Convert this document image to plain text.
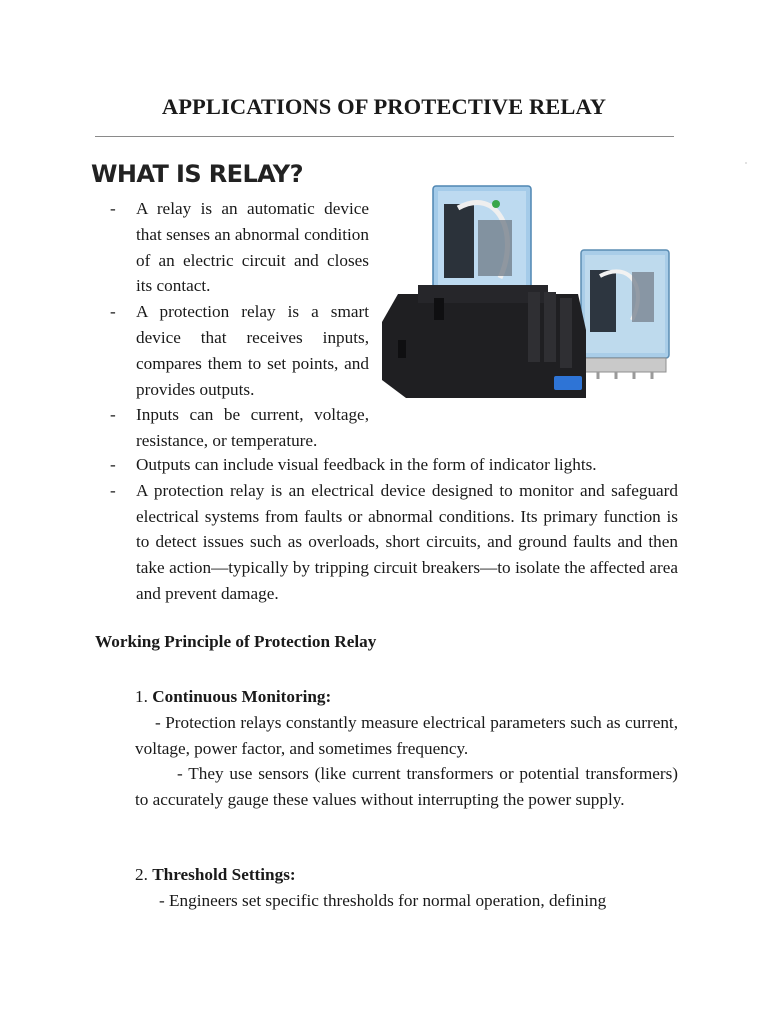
APPLICATIONS OF PROTECTIVE RELAY
WHAT IS RELAY?
-	A relay is an automatic device that senses an abnormal condition of an electric circuit and closes its contact.
-	A protection relay is a smart device that receives inputs, compares them to set points, and provides outputs.
-	Inputs can be current, voltage, resistance, or temperature.
-	Outputs can include visual feedback in the form of indicator lights.
-	A protection relay is an electrical device designed to monitor and safeguard electrical systems from faults or abnormal conditions. Its primary function is to detect issues such as overloads, short circuits, and ground faults and then take action—typically by tripping circuit breakers—to isolate the affected area and prevent damage.
Working Principle of Protection Relay
1. Continuous Monitoring:
- Protection relays constantly measure electrical parameters such as current, voltage, power factor, and sometimes frequency.
- They use sensors (like current transformers or potential transformers) to accurately gauge these values without interrupting the power supply.
2. Threshold Settings:
- Engineers set specific thresholds for normal operation, defining
